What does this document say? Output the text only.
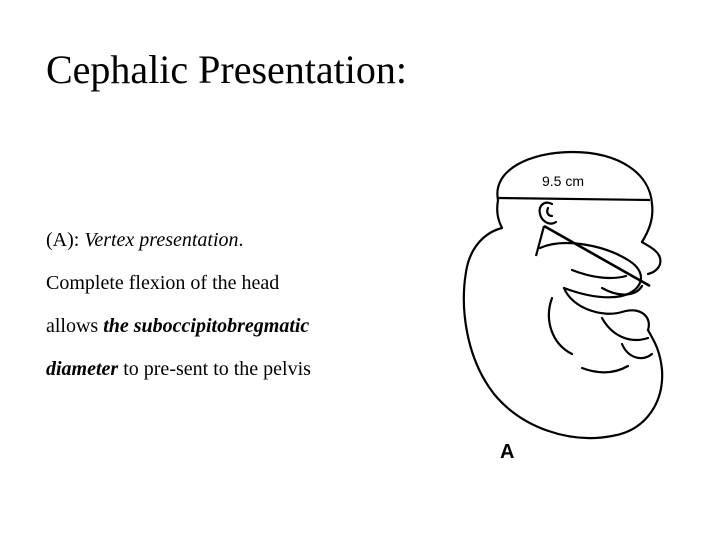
Cephalic Presentation:
(A): Vertex presentation.
Complete flexion of the head
allows the suboccipitobregmatic
diameter to pre-sent to the pelvis
9.5 cm
A
